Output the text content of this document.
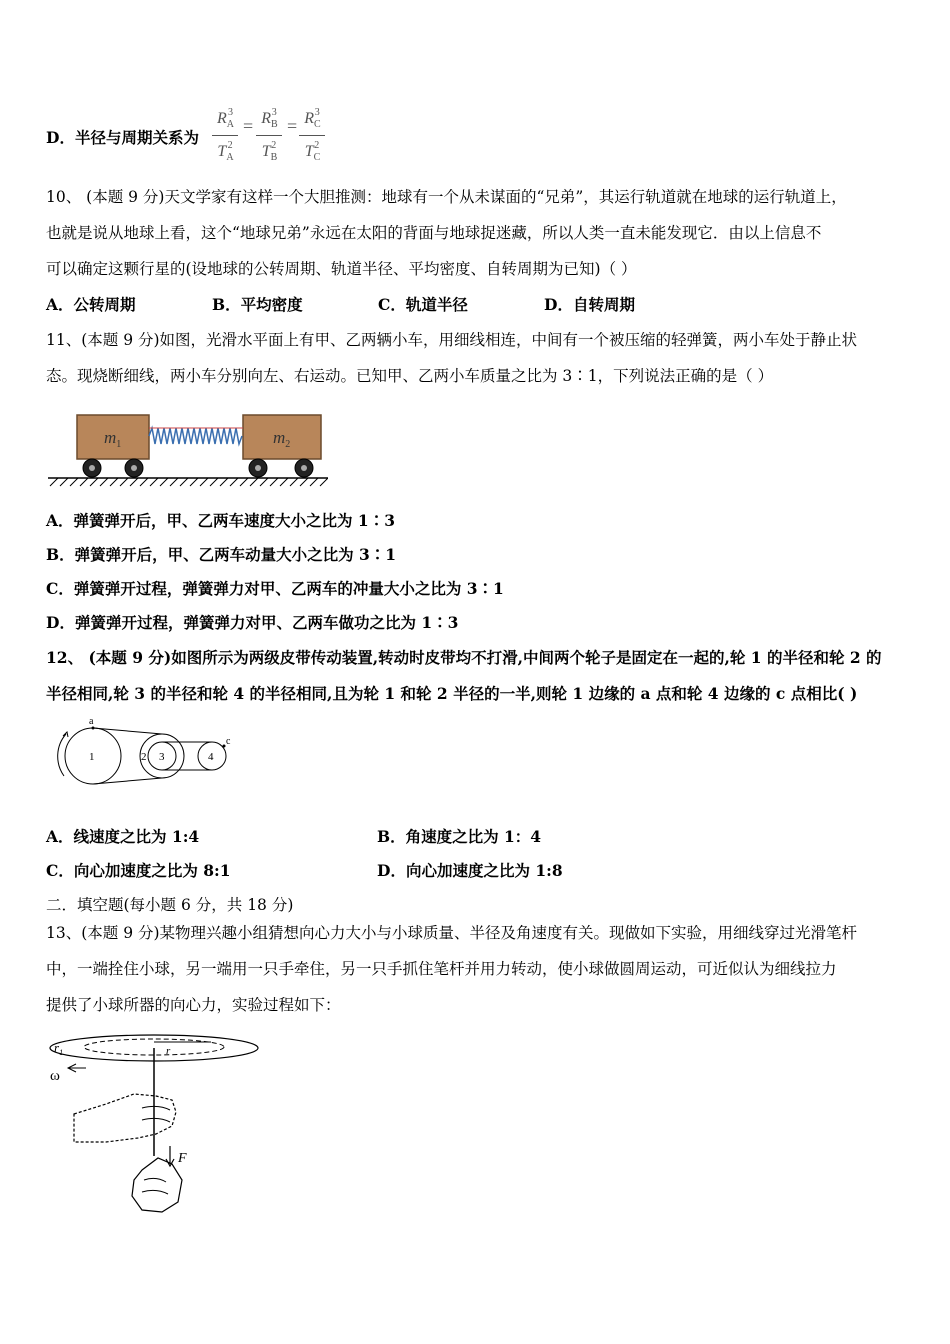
D．半径与周期关系为
$R_A^3$
$T_A^2$
= $R_B^3$
$T_B^2$
= $R_C^3$
$T_C^2$
10、 (本题 9 分)天文学家有这样一个大胆推测：地球有一个从未谋面的“兄弟”，其运行轨道就在地球的运行轨道上，
也就是说从地球上看，这个“地球兄弟”永远在太阳的背面与地球捉迷藏，所以人类一直未能发现它．由以上信息不
可以确定这颗行星的(设地球的公转周期、轨道半径、平均密度、自转周期为已知)（ ）
A．公转周期	B．平均密度	C．轨道半径	D．自转周期
11、(本题 9 分)如图，光滑水平面上有甲、乙两辆小车，用细线相连，中间有一个被压缩的轻弹簧，两小车处于静止状
态。现烧断细线，两小车分别向左、右运动。已知甲、乙两小车质量之比为 3∶1，下列说法正确的是（ ）
$m_1$	$m_2$
A．弹簧弹开后，甲、乙两车速度大小之比为 1∶3
B．弹簧弹开后，甲、乙两车动量大小之比为 3∶1
C．弹簧弹开过程，弹簧弹力对甲、乙两车的冲量大小之比为 3∶1
D．弹簧弹开过程，弹簧弹力对甲、乙两车做功之比为 1∶3
12、 (本题 9 分)如图所示为两级皮带传动装置,转动时皮带均不打滑,中间两个轮子是固定在一起的,轮 1 的半径和轮 2 的
半径相同,轮 3 的半径和轮 4 的半径相同,且为轮 1 和轮 2 半径的一半,则轮 1 边缘的 a 点和轮 4 边缘的 c 点相比( )
a
c
1	2 3	4
A．线速度之比为 1:4	B．角速度之比为 1：4
C．向心加速度之比为 8:1	D．向心加速度之比为 1:8
二．填空题(每小题 6 分，共 18 分)
13、(本题 9 分)某物理兴趣小组猜想向心力大小与小球质量、半径及角速度有关。现做如下实验，用细线穿过光滑笔杆
中，一端拴住小球，另一端用一只手牵住，另一只手抓住笔杆并用力转动，使小球做圆周运动，可近似认为细线拉力
提供了小球所器的向心力，实验过程如下：
$r_1$	r
ω
F
